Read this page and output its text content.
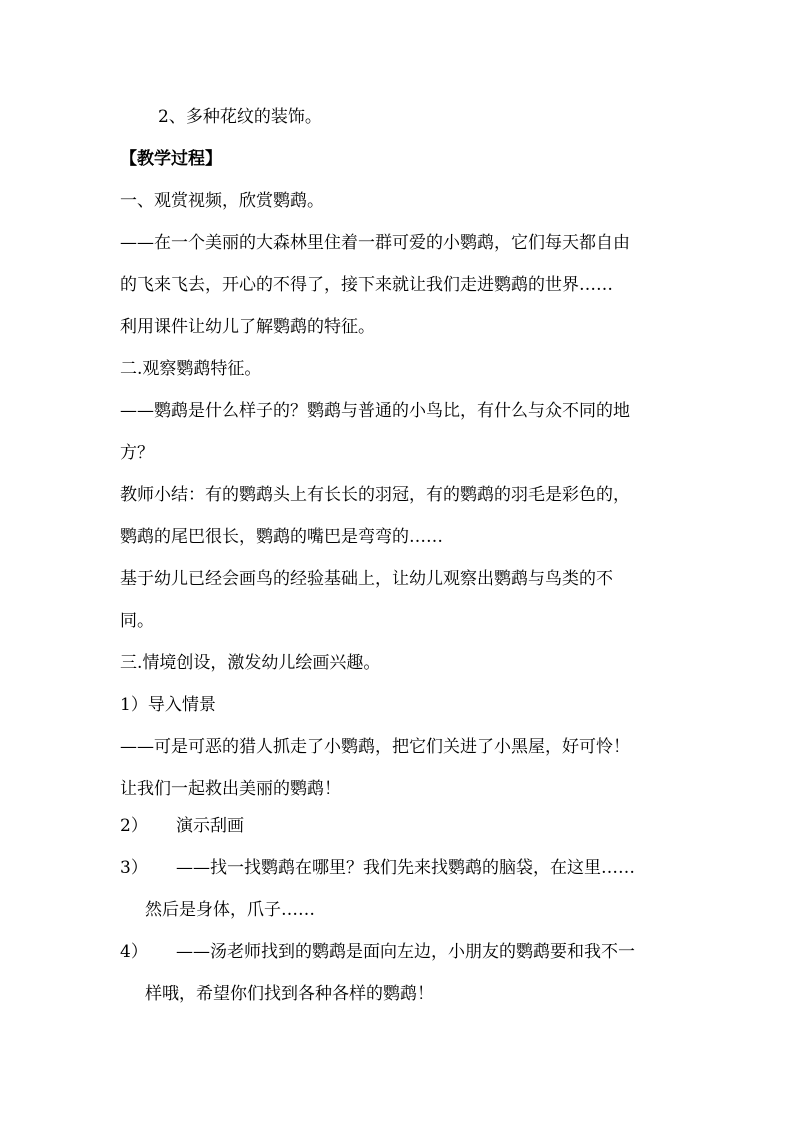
2、多种花纹的装饰。
【教学过程】
一、观赏视频，欣赏鹦鹉。
——在一个美丽的大森林里住着一群可爱的小鹦鹉，它们每天都自由
的飞来飞去，开心的不得了，接下来就让我们走进鹦鹉的世界……
利用课件让幼儿了解鹦鹉的特征。
二.观察鹦鹉特征。
——鹦鹉是什么样子的？鹦鹉与普通的小鸟比，有什么与众不同的地
方？
教师小结：有的鹦鹉头上有长长的羽冠，有的鹦鹉的羽毛是彩色的，
鹦鹉的尾巴很长，鹦鹉的嘴巴是弯弯的……
基于幼儿已经会画鸟的经验基础上，让幼儿观察出鹦鹉与鸟类的不
同。
三.情境创设，激发幼儿绘画兴趣。
1）导入情景
——可是可恶的猎人抓走了小鹦鹉，把它们关进了小黑屋，好可怜！
让我们一起救出美丽的鹦鹉！
2） 演示刮画
3） ——找一找鹦鹉在哪里？我们先来找鹦鹉的脑袋，在这里……
然后是身体，爪子……
4） ——汤老师找到的鹦鹉是面向左边，小朋友的鹦鹉要和我不一
样哦，希望你们找到各种各样的鹦鹉！
